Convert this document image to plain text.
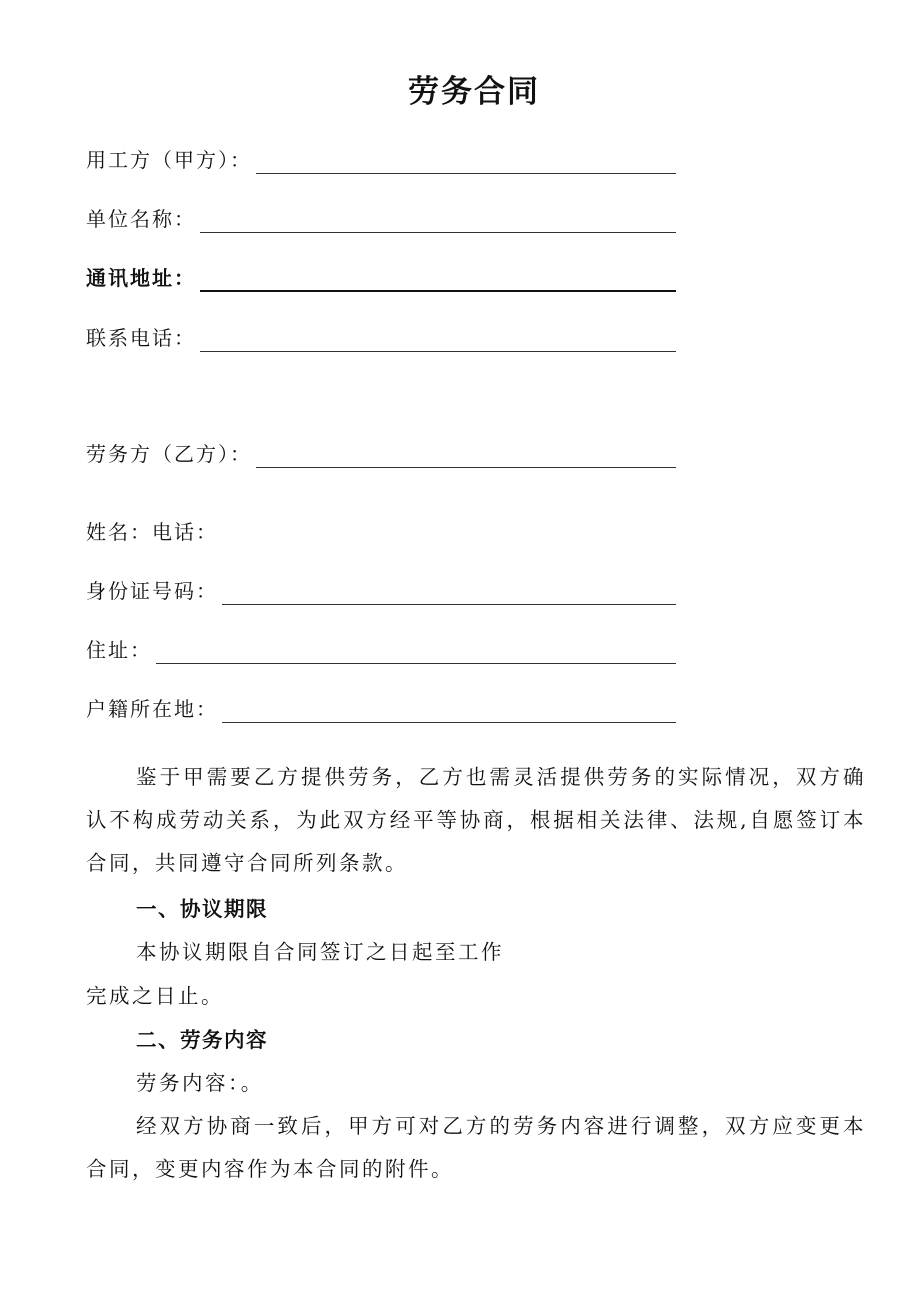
劳务合同
用工方（甲方）：
单位名称：
通讯地址：
联系电话：
劳务方（乙方）：
姓名：电话：
身份证号码：
住址：
户籍所在地：

鉴于甲需要乙方提供劳务，乙方也需灵活提供劳务的实际情况，双方确认不构成劳动关系，为此双方经平等协商，根据相关法律、法规,自愿签订本合同，共同遵守合同所列条款。

一、协议期限

本协议期限自合同签订之日起至工作

完成之日止。

二、劳务内容

劳务内容：。

经双方协商一致后，甲方可对乙方的劳务内容进行调整，双方应变更本合同，变更内容作为本合同的附件。
